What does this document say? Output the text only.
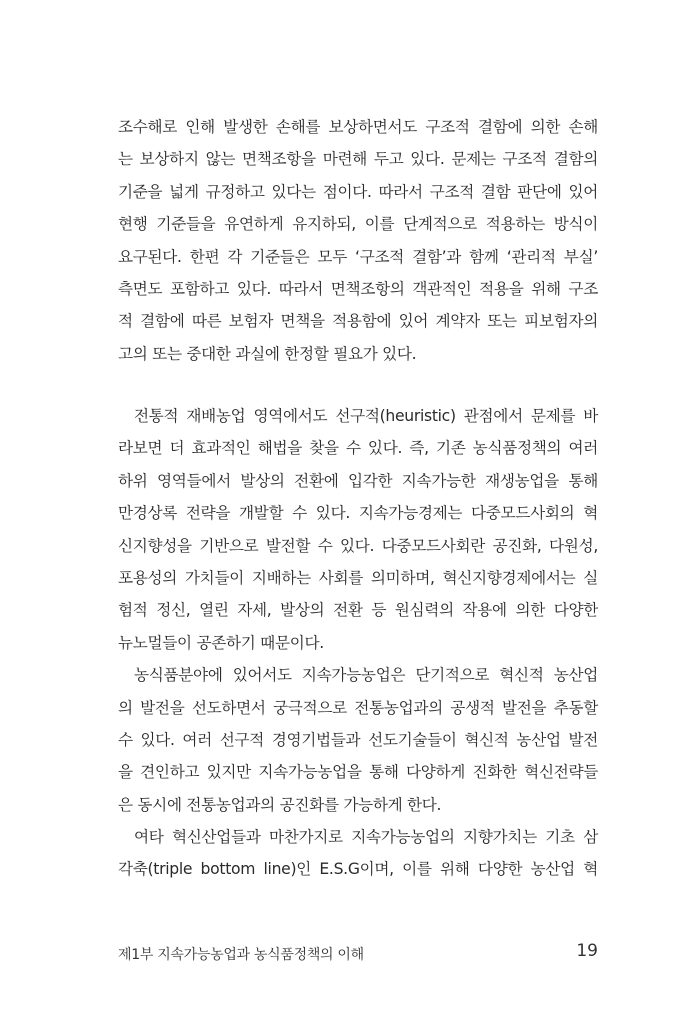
조수해로 인해 발생한 손해를 보상하면서도 구조적 결함에 의한 손해
는 보상하지 않는 면책조항을 마련해 두고 있다. 문제는 구조적 결함의
기준을 넓게 규정하고 있다는 점이다. 따라서 구조적 결함 판단에 있어
현행 기준들을 유연하게 유지하되, 이를 단계적으로 적용하는 방식이
요구된다. 한편 각 기준들은 모두 ‘구조적 결함’과 함께 ‘관리적 부실’
측면도 포함하고 있다. 따라서 면책조항의 객관적인 적용을 위해 구조
적 결함에 따른 보험자 면책을 적용함에 있어 계약자 또는 피보험자의
고의 또는 중대한 과실에 한정할 필요가 있다.
전통적 재배농업 영역에서도 선구적(heuristic) 관점에서 문제를 바
라보면 더 효과적인 해법을 찾을 수 있다. 즉, 기존 농식품정책의 여러
하위 영역들에서 발상의 전환에 입각한 지속가능한 재생농업을 통해
만경상록 전략을 개발할 수 있다. 지속가능경제는 다중모드사회의 혁
신지향성을 기반으로 발전할 수 있다. 다중모드사회란 공진화, 다원성,
포용성의 가치들이 지배하는 사회를 의미하며, 혁신지향경제에서는 실
험적 정신, 열린 자세, 발상의 전환 등 원심력의 작용에 의한 다양한
뉴노멀들이 공존하기 때문이다.
농식품분야에 있어서도 지속가능농업은 단기적으로 혁신적 농산업
의 발전을 선도하면서 궁극적으로 전통농업과의 공생적 발전을 추동할
수 있다. 여러 선구적 경영기법들과 선도기술들이 혁신적 농산업 발전
을 견인하고 있지만 지속가능농업을 통해 다양하게 진화한 혁신전략들
은 동시에 전통농업과의 공진화를 가능하게 한다.
여타 혁신산업들과 마찬가지로 지속가능농업의 지향가치는 기초 삼
각축(triple bottom line)인 E.S.G이며, 이를 위해 다양한 농산업 혁
제1부 지속가능농업과 농식품정책의 이해	19
